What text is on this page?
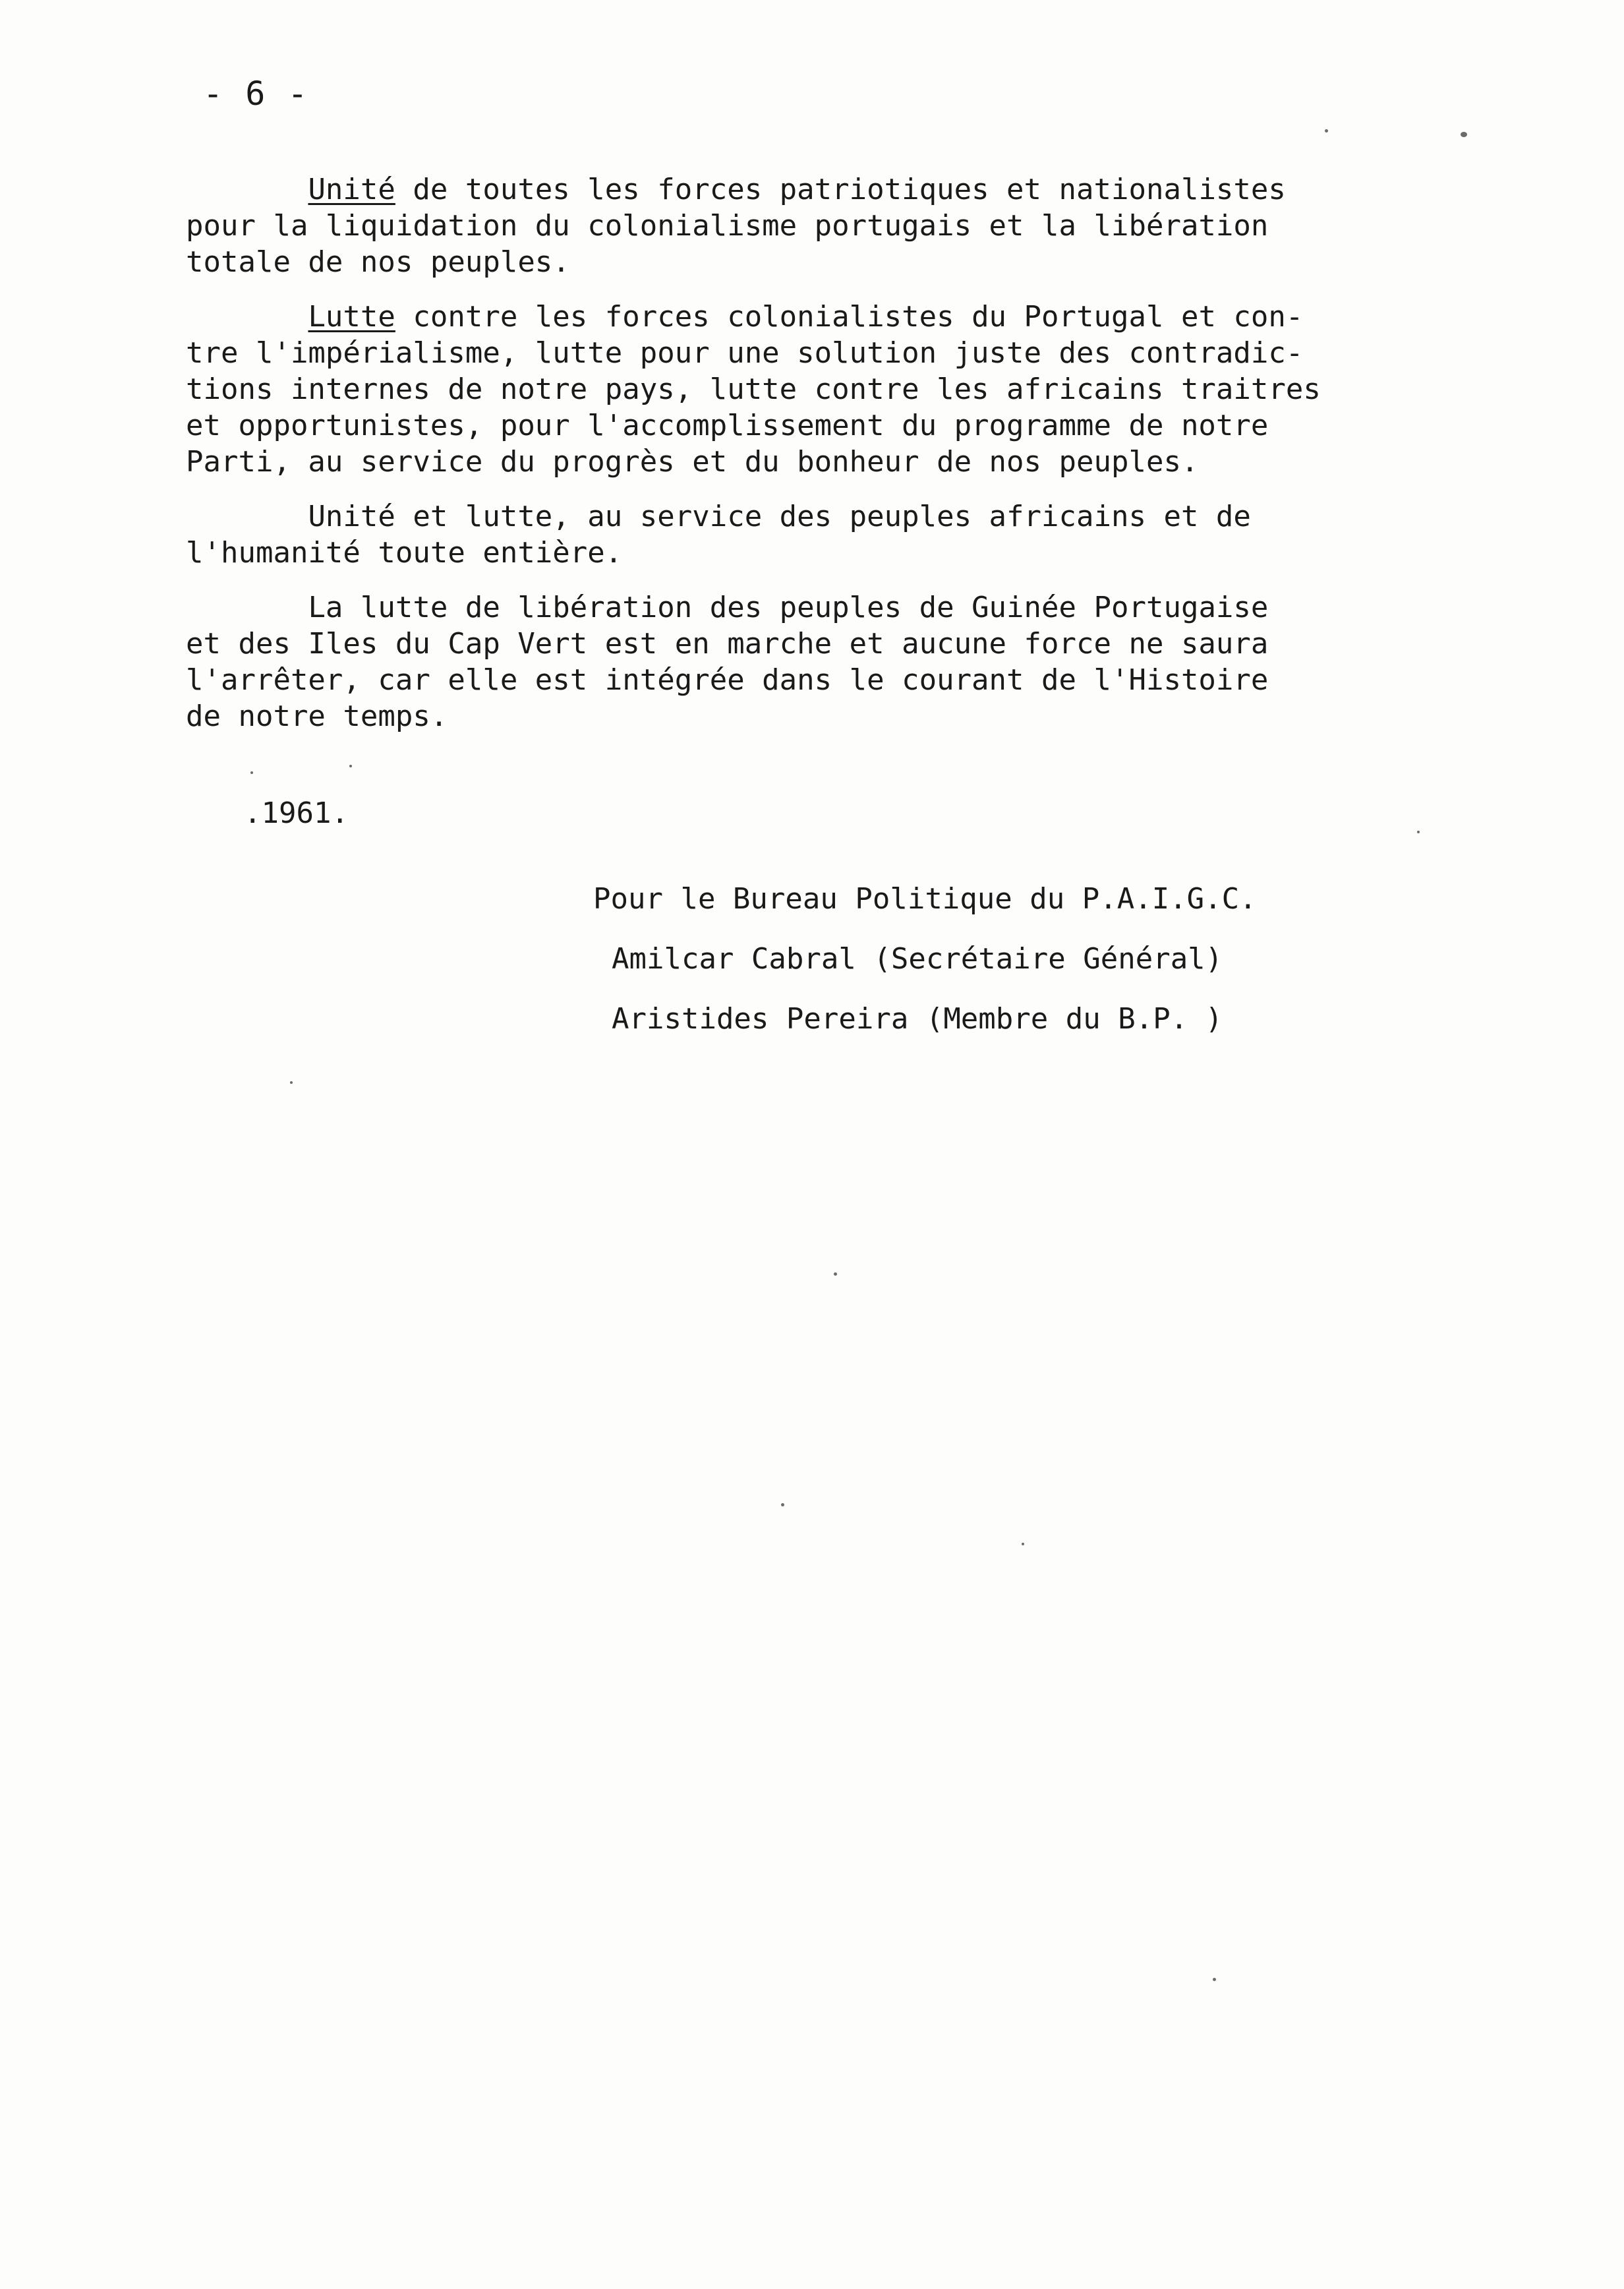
- 6 -
Unité de toutes les forces patriotiques et nationalistes
pour la liquidation du colonialisme portugais et la libération
totale de nos peuples.
Lutte contre les forces colonialistes du Portugal et con-
tre l'impérialisme, lutte pour une solution juste des contradic-
tions internes de notre pays, lutte contre les africains traitres
et opportunistes, pour l'accomplissement du programme de notre
Parti, au service du progrès et du bonheur de nos peuples.
Unité et lutte, au service des peuples africains et de
l'humanité toute entière.
La lutte de libération des peuples de Guinée Portugaise
et des Iles du Cap Vert est en marche et aucune force ne saura
l'arrêter, car elle est intégrée dans le courant de l'Histoire
de notre temps.
.1961.
Pour le Bureau Politique du P.A.I.G.C.
Amilcar Cabral (Secrétaire Général)
Aristides Pereira (Membre du B.P. )
